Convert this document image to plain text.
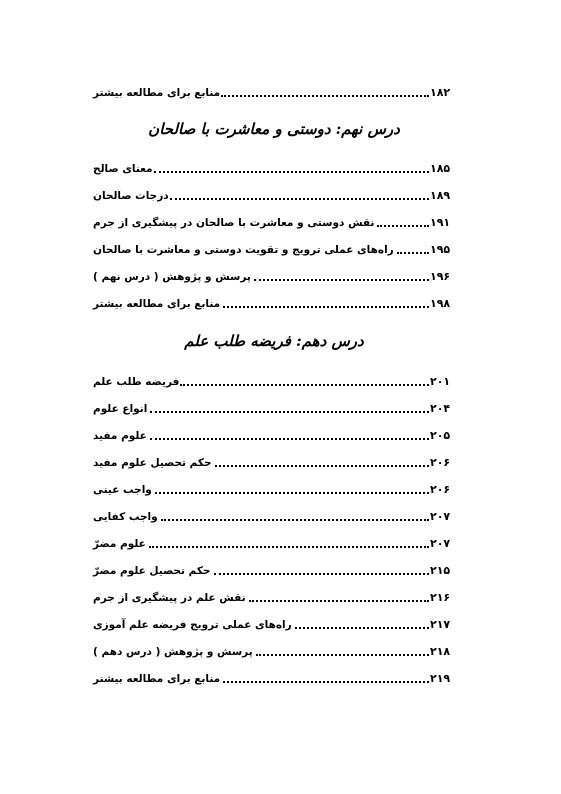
منابع برای مطالعه بیشتر	۱۸۲
درس نهم: دوستی و معاشرت با صالحان
معنای صالح	۱۸۵
درجات صالحان	۱۸۹
نقش دوستی و معاشرت با صالحان در پیشگیری از جرم	۱۹۱
راه‌های عملی ترویج و تقویت دوستی و معاشرت با صالحان	۱۹۵
پرسش و پژوهش ( درس نهم )	۱۹۶
منابع برای مطالعه بیشتر	۱۹۸
درس دهم: فریضه طلب علم
فریضه طلب علم	۲۰۱
انواع علوم	۲۰۴
علوم مفید	۲۰۵
حکم تحصیل علوم مفید	۲۰۶
واجب عینی	۲۰۶
واجب کفایی	۲۰۷
علوم مضرّ	۲۰۷
حکم تحصیل علوم مضرّ	۲۱۵
نقش علم در پیشگیری از جرم	۲۱۶
راه‌های عملی ترویج فریضه علم آموزی	۲۱۷
پرسش و پژوهش ( درس دهم )	۲۱۸
منابع برای مطالعه بیشتر	۲۱۹
